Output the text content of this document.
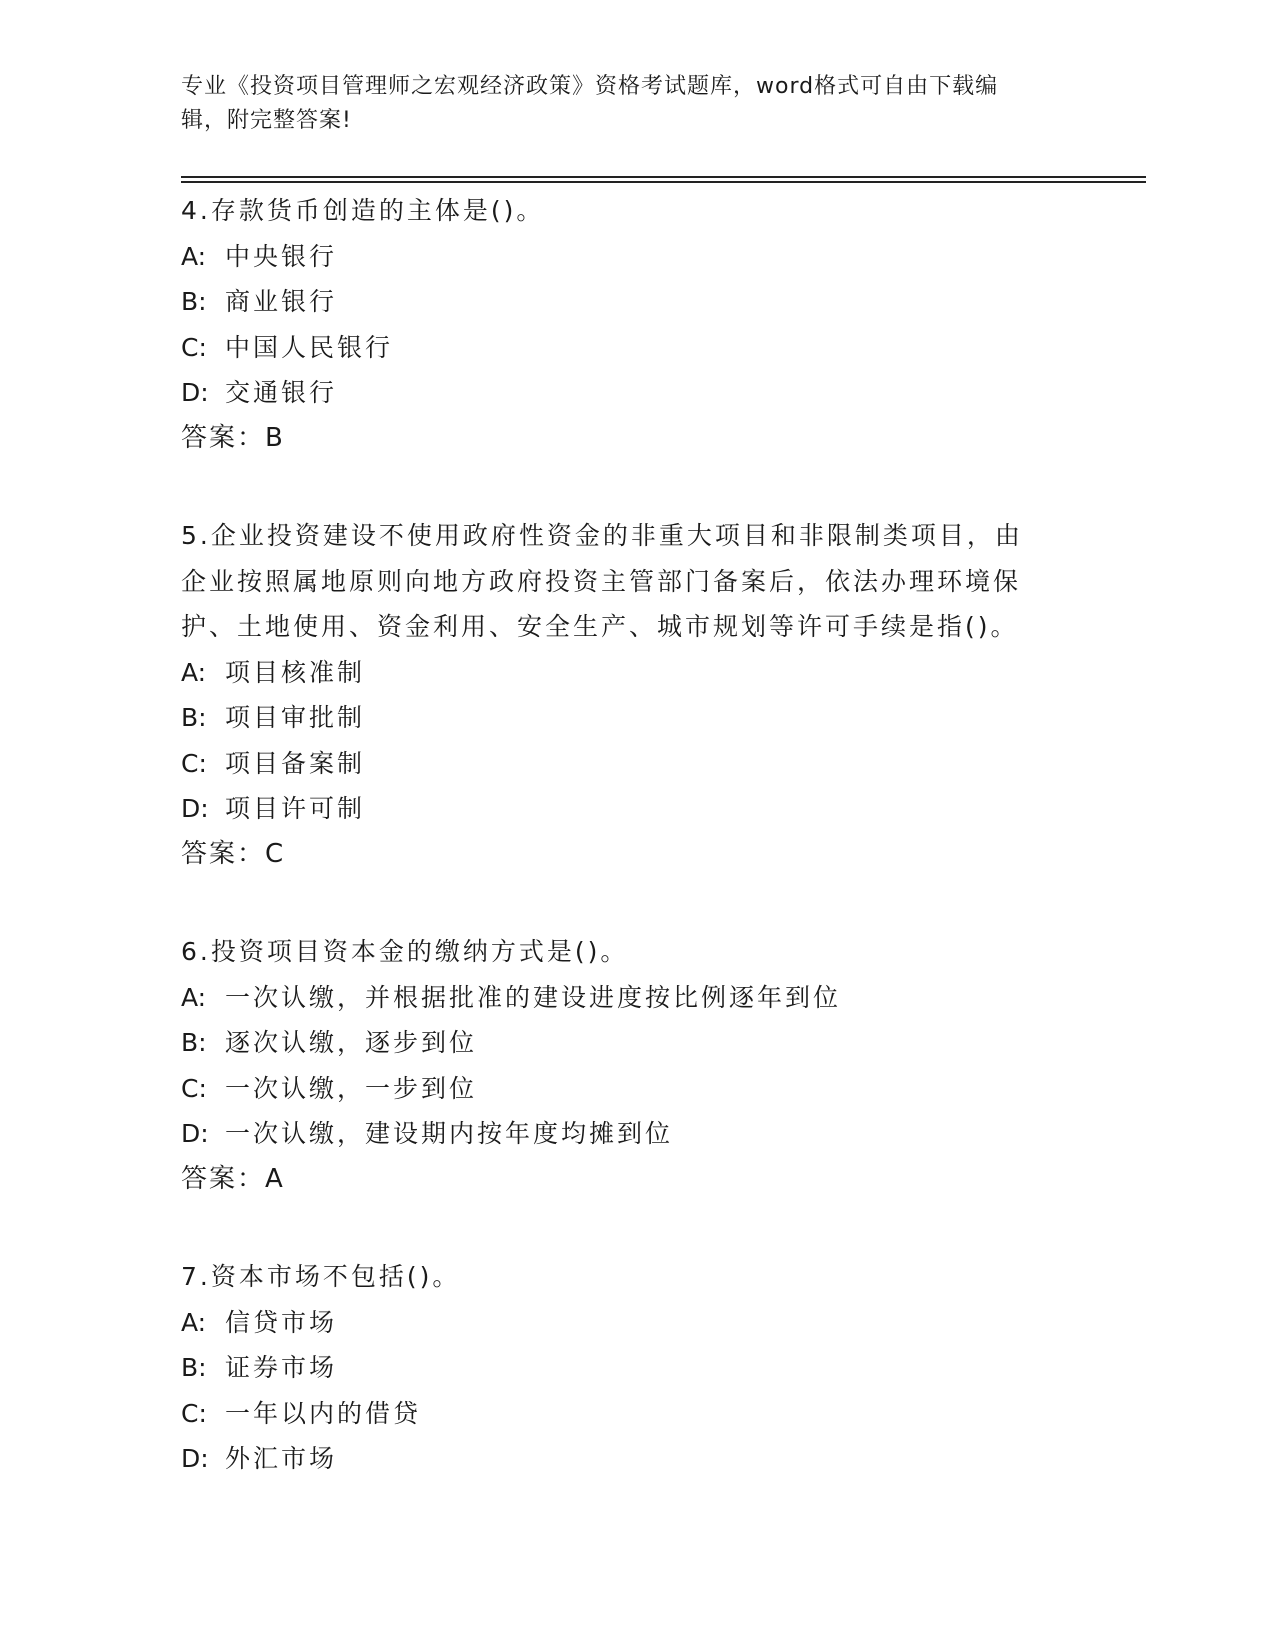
专业《投资项目管理师之宏观经济政策》资格考试题库，word格式可自由下载编
辑，附完整答案!
4.存款货币创造的主体是()。
A: 中央银行
B: 商业银行
C: 中国人民银行
D: 交通银行
答案：B
5.企业投资建设不使用政府性资金的非重大项目和非限制类项目，由
企业按照属地原则向地方政府投资主管部门备案后，依法办理环境保
护、土地使用、资金利用、安全生产、城市规划等许可手续是指()。
A: 项目核准制
B: 项目审批制
C: 项目备案制
D: 项目许可制
答案：C
6.投资项目资本金的缴纳方式是()。
A: 一次认缴，并根据批准的建设进度按比例逐年到位
B: 逐次认缴，逐步到位
C: 一次认缴，一步到位
D: 一次认缴，建设期内按年度均摊到位
答案：A
7.资本市场不包括()。
A: 信贷市场
B: 证券市场
C: 一年以内的借贷
D: 外汇市场
